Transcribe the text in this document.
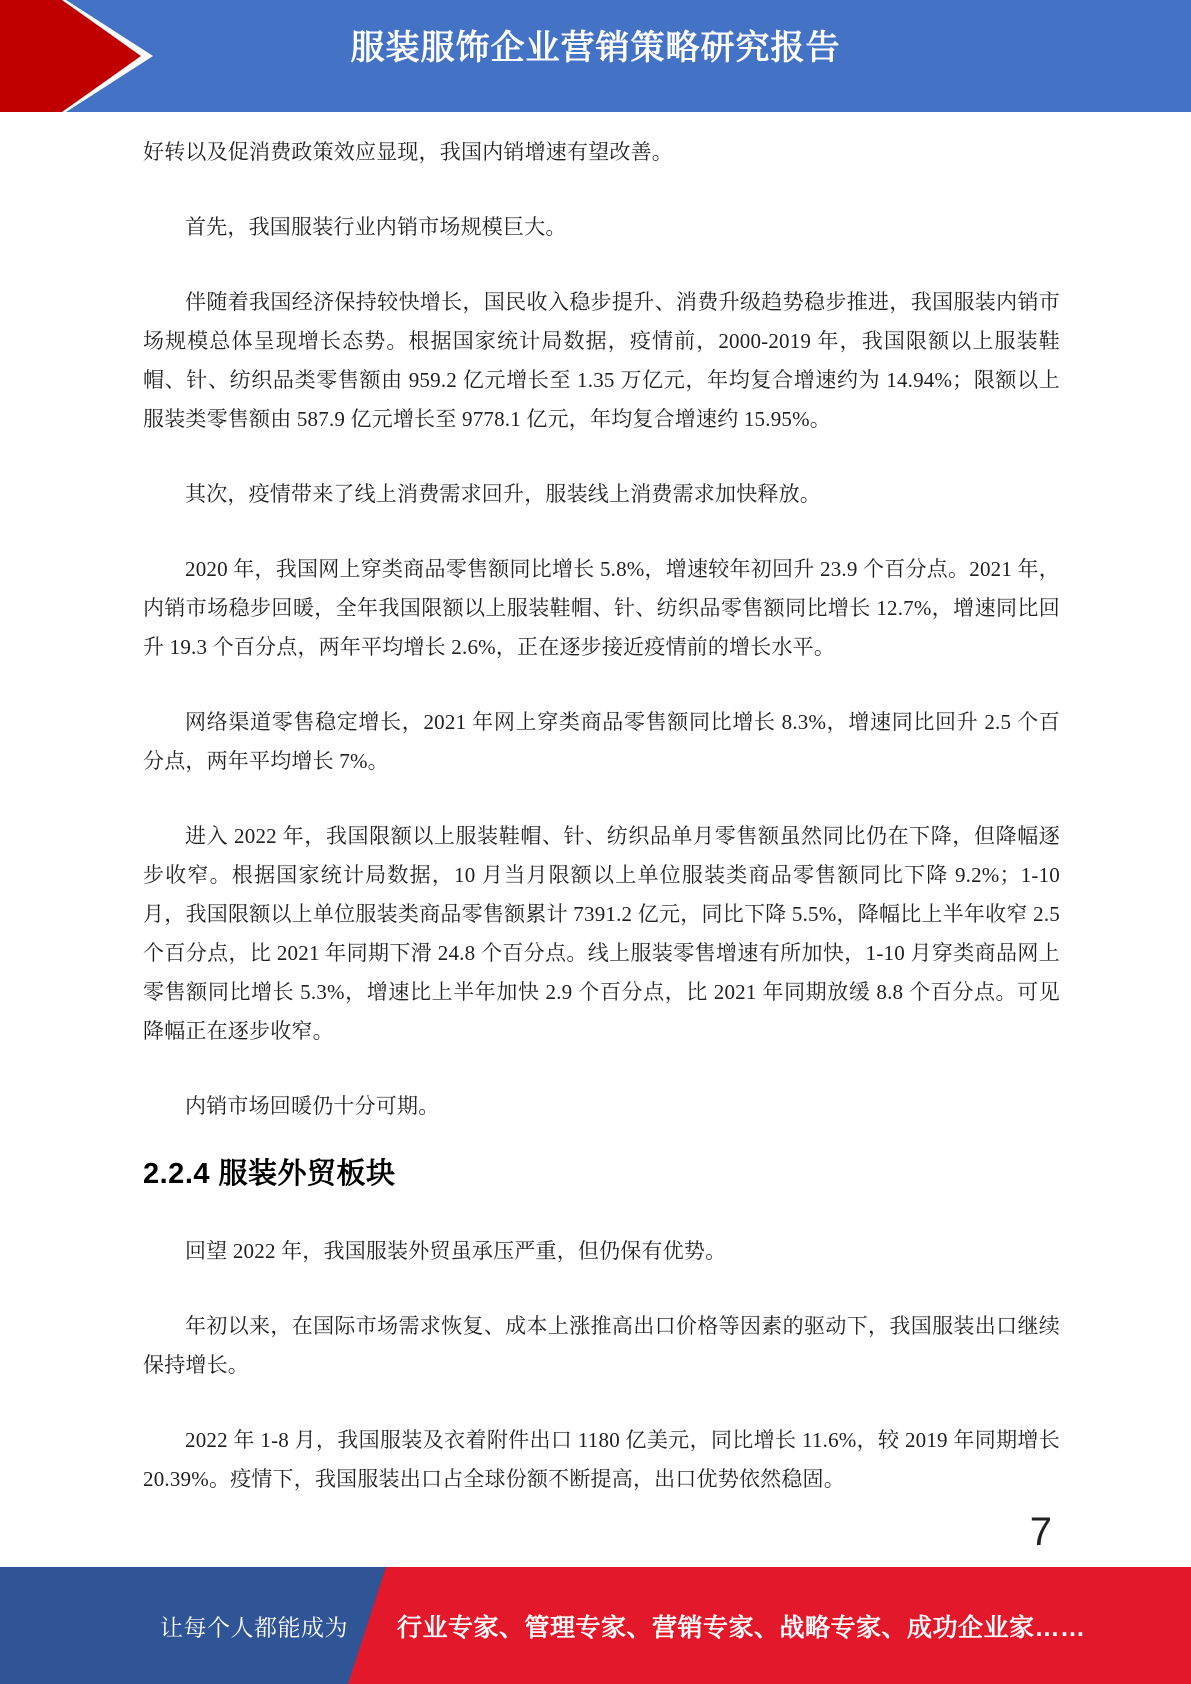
服装服饰企业营销策略研究报告

好转以及促消费政策效应显现，我国内销增速有望改善。

首先，我国服装行业内销市场规模巨大。

伴随着我国经济保持较快增长，国民收入稳步提升、消费升级趋势稳步推进，我国服装内销市场规模总体呈现增长态势。根据国家统计局数据，疫情前，2000-2019 年，我国限额以上服装鞋帽、针、纺织品类零售额由 959.2 亿元增长至 1.35 万亿元，年均复合增速约为 14.94%；限额以上服装类零售额由 587.9 亿元增长至 9778.1 亿元，年均复合增速约 15.95%。

其次，疫情带来了线上消费需求回升，服装线上消费需求加快释放。

2020 年，我国网上穿类商品零售额同比增长 5.8%，增速较年初回升 23.9 个百分点。2021 年，内销市场稳步回暖，全年我国限额以上服装鞋帽、针、纺织品零售额同比增长 12.7%，增速同比回升 19.3 个百分点，两年平均增长 2.6%，正在逐步接近疫情前的增长水平。

网络渠道零售稳定增长，2021 年网上穿类商品零售额同比增长 8.3%，增速同比回升 2.5 个百分点，两年平均增长 7%。

进入 2022 年，我国限额以上服装鞋帽、针、纺织品单月零售额虽然同比仍在下降，但降幅逐步收窄。根据国家统计局数据，10 月当月限额以上单位服装类商品零售额同比下降 9.2%；1-10 月，我国限额以上单位服装类商品零售额累计 7391.2 亿元，同比下降 5.5%，降幅比上半年收窄 2.5 个百分点，比 2021 年同期下滑 24.8 个百分点。线上服装零售增速有所加快，1-10 月穿类商品网上零售额同比增长 5.3%，增速比上半年加快 2.9 个百分点，比 2021 年同期放缓 8.8 个百分点。可见降幅正在逐步收窄。

内销市场回暖仍十分可期。

2.2.4 服装外贸板块

回望 2022 年，我国服装外贸虽承压严重，但仍保有优势。

年初以来，在国际市场需求恢复、成本上涨推高出口价格等因素的驱动下，我国服装出口继续保持增长。

2022 年 1-8 月，我国服装及衣着附件出口 1180 亿美元，同比增长 11.6%，较 2019 年同期增长 20.39%。疫情下，我国服装出口占全球份额不断提高，出口优势依然稳固。

7
让每个人都能成为 行业专家、管理专家、营销专家、战略专家、成功企业家……
